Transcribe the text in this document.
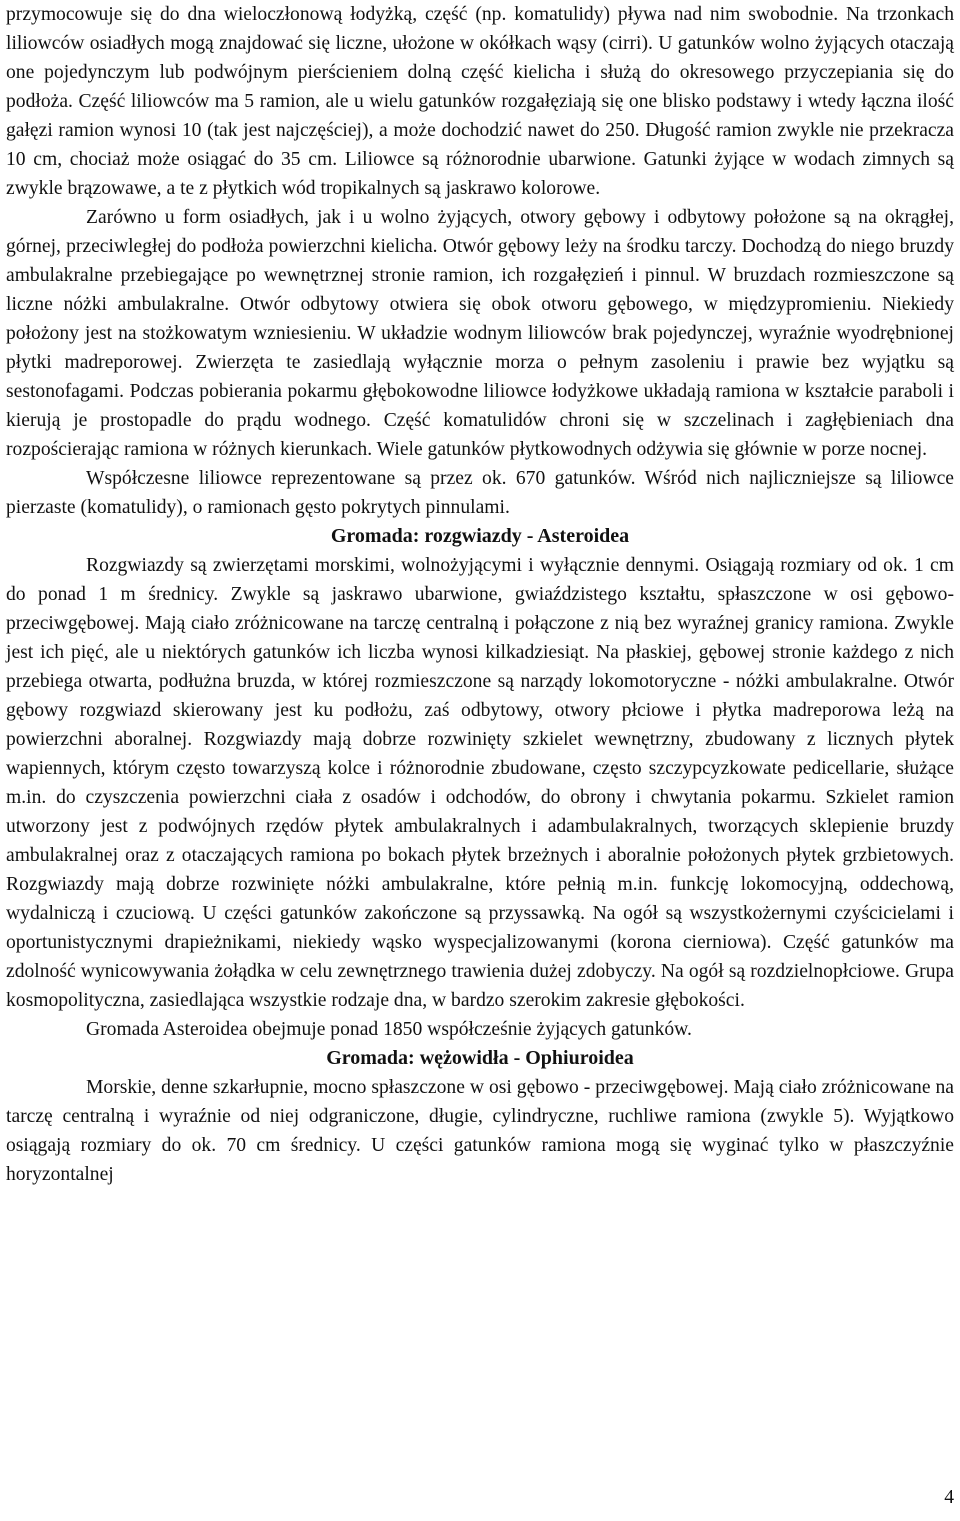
przymocowuje się do dna wieloczłonową łodyżką, część (np. komatulidy) pływa nad nim swobodnie. Na trzonkach liliowców osiadłych mogą znajdować się liczne, ułożone w okółkach wąsy (cirri). U gatunków wolno żyjących otaczają one pojedynczym lub podwójnym pierścieniem dolną część kielicha i służą do okresowego przyczepiania się do podłoża. Część liliowców ma 5 ramion, ale u wielu gatunków rozgałęziają się one blisko podstawy i wtedy łączna ilość gałęzi ramion wynosi 10 (tak jest najczęściej), a może dochodzić nawet do 250. Długość ramion zwykle nie przekracza 10 cm, chociaż może osiągać do 35 cm. Liliowce są różnorodnie ubarwione. Gatunki żyjące w wodach zimnych są zwykle brązowawe, a te z płytkich wód tropikalnych są jaskrawo kolorowe.

Zarówno u form osiadłych, jak i u wolno żyjących, otwory gębowy i odbytowy położone są na okrągłej, górnej, przeciwległej do podłoża powierzchni kielicha. Otwór gębowy leży na środku tarczy. Dochodzą do niego bruzdy ambulakralne przebiegające po wewnętrznej stronie ramion, ich rozgałęzień i pinnul. W bruzdach rozmieszczone są liczne nóżki ambulakralne. Otwór odbytowy otwiera się obok otworu gębowego, w międzypromieniu. Niekiedy położony jest na stożkowatym wzniesieniu. W układzie wodnym liliowców brak pojedynczej, wyraźnie wyodrębnionej płytki madreporowej. Zwierzęta te zasiedlają wyłącznie morza o pełnym zasoleniu i prawie bez wyjątku są sestonofagami. Podczas pobierania pokarmu głębokowodne liliowce łodyżkowe układają ramiona w kształcie paraboli i kierują je prostopadle do prądu wodnego. Część komatulidów chroni się w szczelinach i zagłębieniach dna rozpościerając ramiona w różnych kierunkach. Wiele gatunków płytkowodnych odżywia się głównie w porze nocnej.

Współczesne liliowce reprezentowane są przez ok. 670 gatunków. Wśród nich najliczniejsze są liliowce pierzaste (komatulidy), o ramionach gęsto pokrytych pinnulami.

Gromada: rozgwiazdy - Asteroidea

Rozgwiazdy są zwierzętami morskimi, wolnożyjącymi i wyłącznie dennymi. Osiągają rozmiary od ok. 1 cm do ponad 1 m średnicy. Zwykle są jaskrawo ubarwione, gwiaździstego kształtu, spłaszczone w osi gębowo-przeciwgębowej. Mają ciało zróżnicowane na tarczę centralną i połączone z nią bez wyraźnej granicy ramiona. Zwykle jest ich pięć, ale u niektórych gatunków ich liczba wynosi kilkadziesiąt. Na płaskiej, gębowej stronie każdego z nich przebiega otwarta, podłużna bruzda, w której rozmieszczone są narządy lokomotoryczne - nóżki ambulakralne. Otwór gębowy rozgwiazd skierowany jest ku podłożu, zaś odbytowy, otwory płciowe i płytka madreporowa leżą na powierzchni aboralnej. Rozgwiazdy mają dobrze rozwinięty szkielet wewnętrzny, zbudowany z licznych płytek wapiennych, którym często towarzyszą kolce i różnorodnie zbudowane, często szczypcyzkowate pedicellarie, służące m.in. do czyszczenia powierzchni ciała z osadów i odchodów, do obrony i chwytania pokarmu. Szkielet ramion utworzony jest z podwójnych rzędów płytek ambulakralnych i adambulakralnych, tworzących sklepienie bruzdy ambulakralnej oraz z otaczających ramiona po bokach płytek brzeżnych i aboralnie położonych płytek grzbietowych. Rozgwiazdy mają dobrze rozwinięte nóżki ambulakralne, które pełnią m.in. funkcję lokomocyjną, oddechową, wydalniczą i czuciową. U części gatunków zakończone są przyssawką. Na ogół są wszystkożernymi czyścicielami i oportunistycznymi drapieżnikami, niekiedy wąsko wyspecjalizowanymi (korona cierniowa). Część gatunków ma zdolność wynicowywania żołądka w celu zewnętrznego trawienia dużej zdobyczy. Na ogół są rozdzielnopłciowe. Grupa kosmopolityczna, zasiedlająca wszystkie rodzaje dna, w bardzo szerokim zakresie głębokości.

Gromada Asteroidea obejmuje ponad 1850 współcześnie żyjących gatunków.

Gromada: wężowidła - Ophiuroidea

Morskie, denne szkarłupnie, mocno spłaszczone w osi gębowo - przeciwgębowej. Mają ciało zróżnicowane na tarczę centralną i wyraźnie od niej odgraniczone, długie, cylindryczne, ruchliwe ramiona (zwykle 5). Wyjątkowo osiągają rozmiary do ok. 70 cm średnicy. U części gatunków ramiona mogą się wyginać tylko w płaszczyźnie horyzontalnej

4
